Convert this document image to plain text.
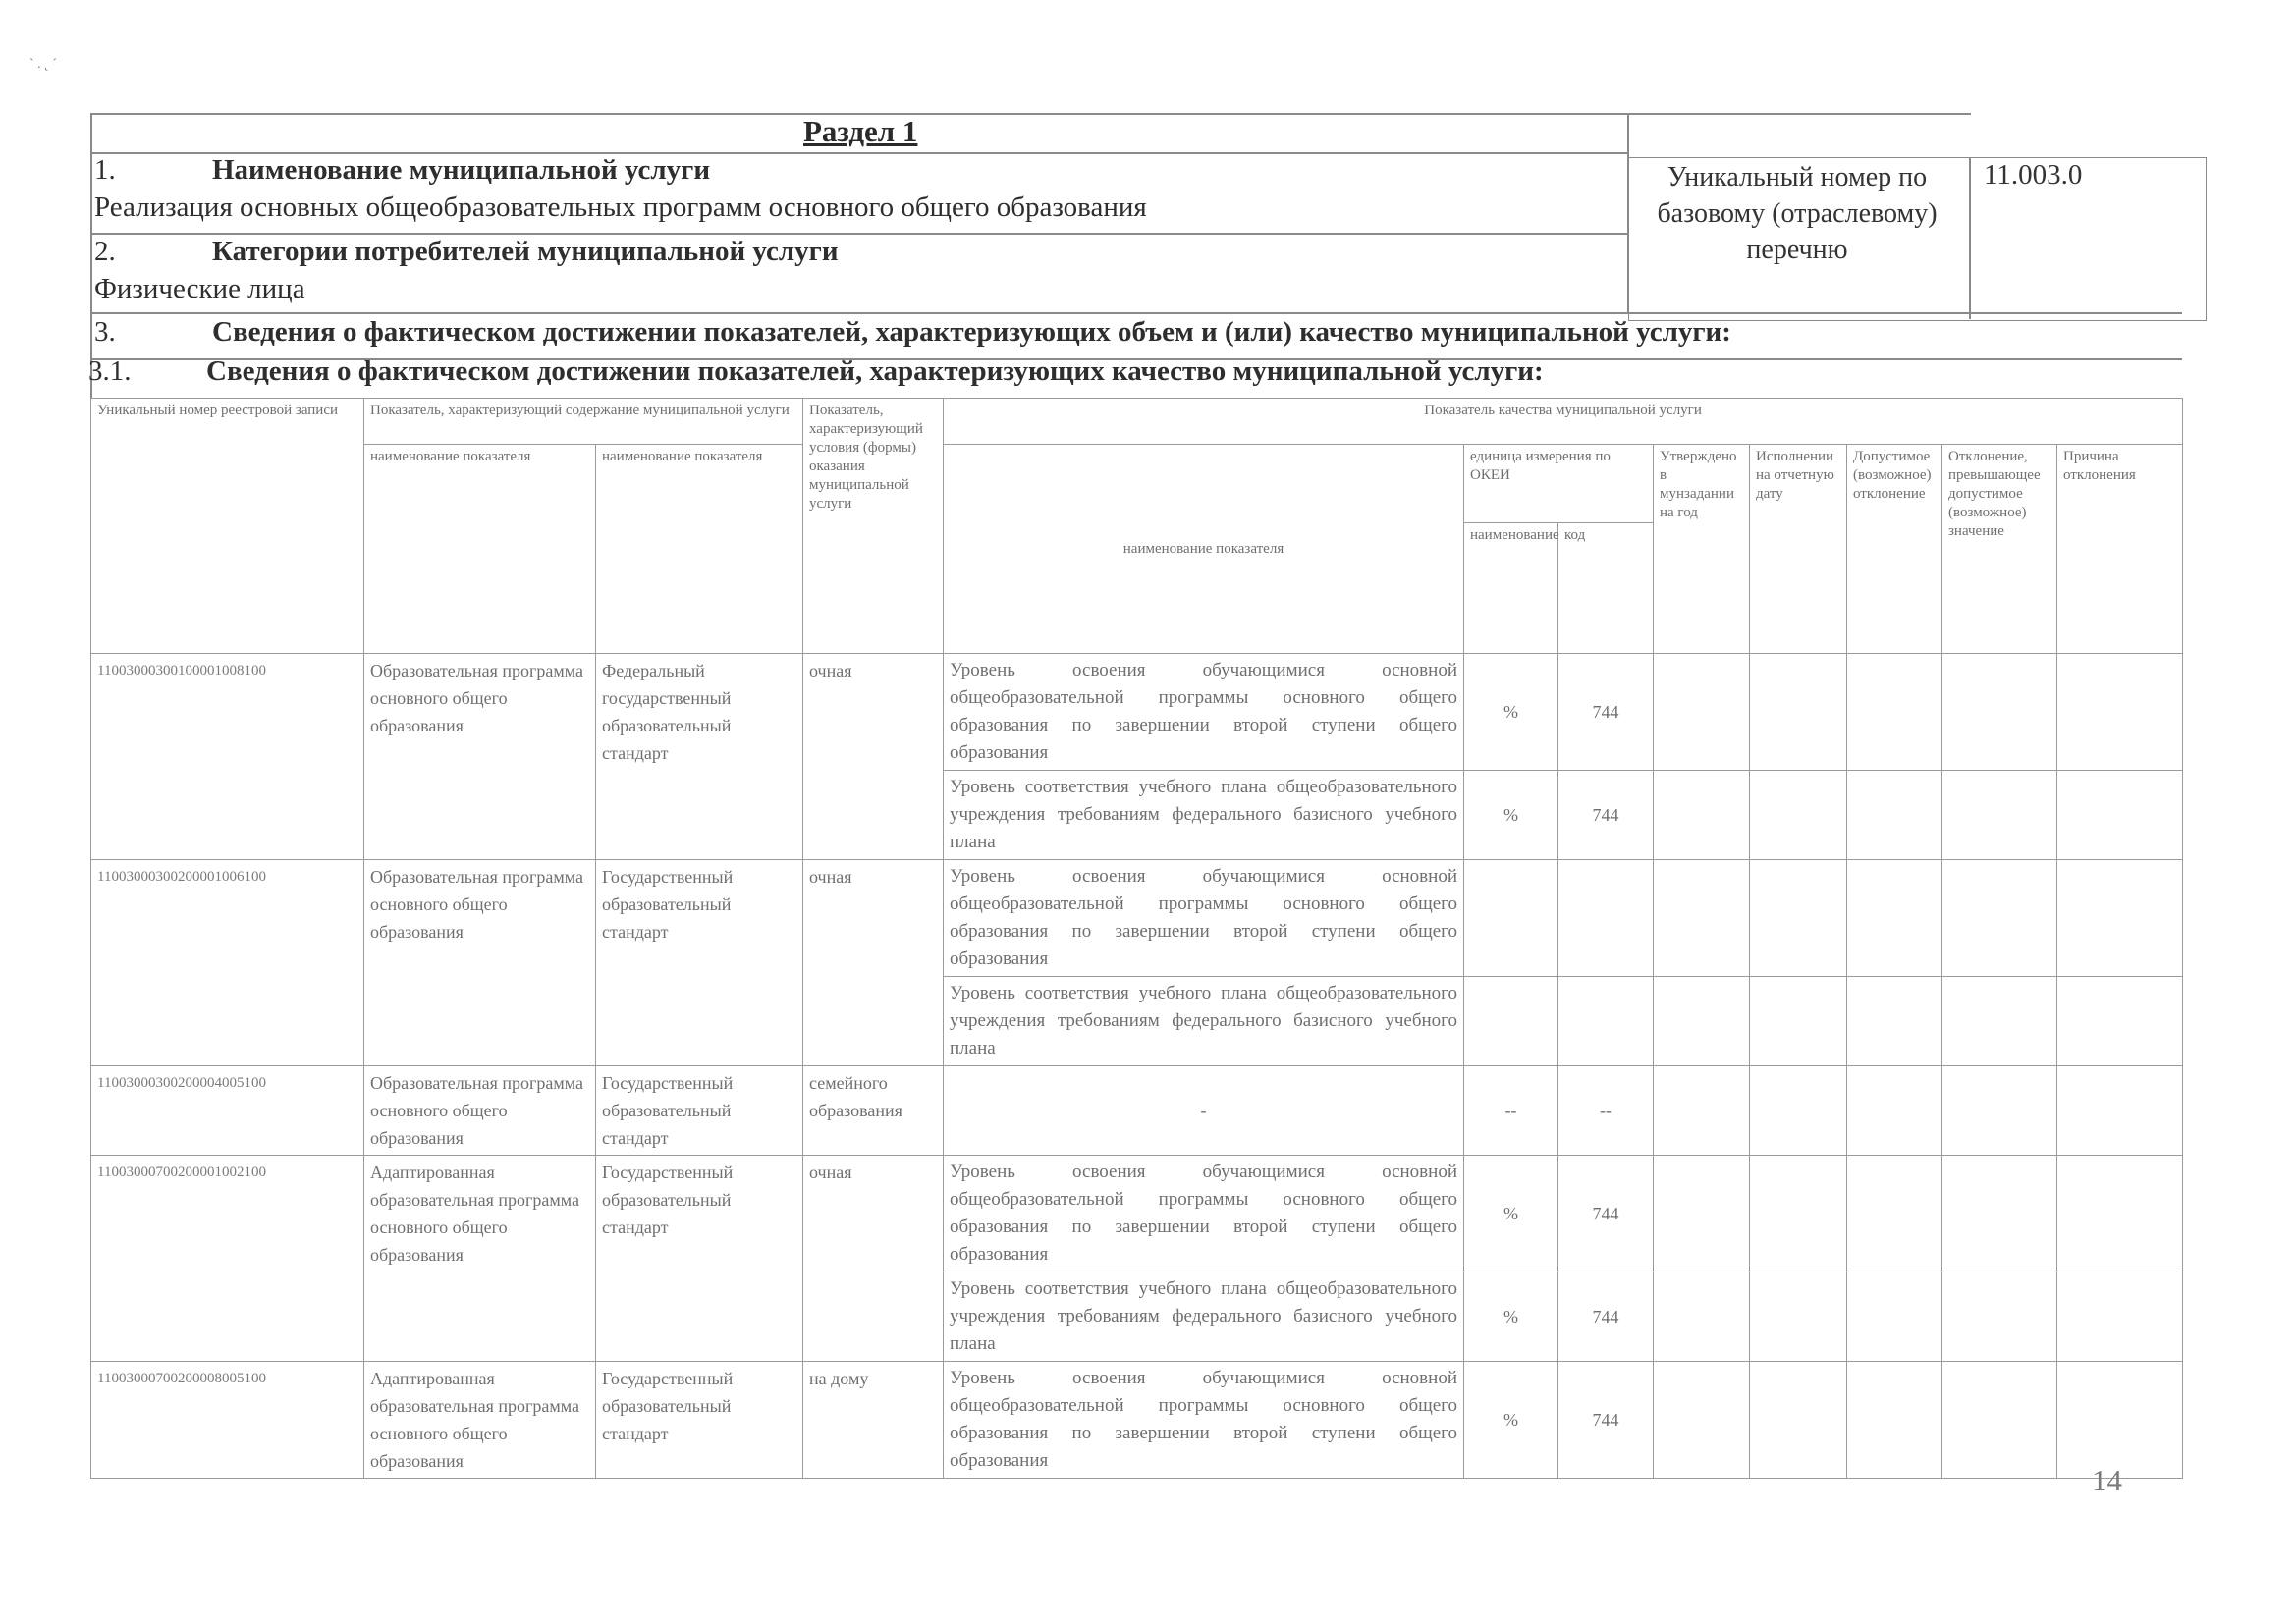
` . ˛ ´
Раздел 1
1.	Наименование муниципальной услуги
Реализация основных общеобразовательных программ основного общего образования
2.	Категории потребителей муниципальной услуги
Физические лица
3.	Сведения о фактическом достижении показателей, характеризующих объем и (или) качество муниципальной услуги:
3.1.	Сведения о фактическом достижении показателей, характеризующих качество муниципальной услуги:
Уникальный номер по базовому (отраслевому) перечню
11.003.0
Уникальный номер реестровой записи	Показатель, характеризующий содержание муниципальной услуги		Показатель, характеризующий условия (формы) оказания муниципальной услуги	Показатель качества муниципальной услуги							
	наименование показателя	наименование показателя		наименование показателя	единица измерения по ОКЕИ		Утверждено в мунзадании на год	Исполнении на отчетную дату	Допустимое (возможное) отклонение	Отклонение, превышающее допустимое (возможное) значение	Причина отклонения
					наименование	код					
11003000300100001008100	Образовательная программа основного общего образования	Федеральный государственный образовательный стандарт	очная	Уровень освоения обучающимися основной общеобразовательной программы основного общего образования по завершении второй ступени общего образования	%	744					
				Уровень соответствия учебного плана общеобразовательного учреждения требованиям федерального базисного учебного плана	%	744					
11003000300200001006100	Образовательная программа основного общего образования	Государственный образовательный стандарт	очная	Уровень освоения обучающимися основной общеобразовательной программы основного общего образования по завершении второй ступени общего образования							
				Уровень соответствия учебного плана общеобразовательного учреждения требованиям федерального базисного учебного плана							
11003000300200004005100	Образовательная программа основного общего образования	Государственный образовательный стандарт	семейного образования	-	--	--					
11003000700200001002100	Адаптированная образовательная программа основного общего образования	Государственный образовательный стандарт	очная	Уровень освоения обучающимися основной общеобразовательной программы основного общего образования по завершении второй ступени общего образования	%	744					
				Уровень соответствия учебного плана общеобразовательного учреждения требованиям федерального базисного учебного плана	%	744					
11003000700200008005100	Адаптированная образовательная программа основного общего образования	Государственный образовательный стандарт	на дому	Уровень освоения обучающимися основной общеобразовательной программы основного общего образования по завершении второй ступени общего образования	%	744					
14
